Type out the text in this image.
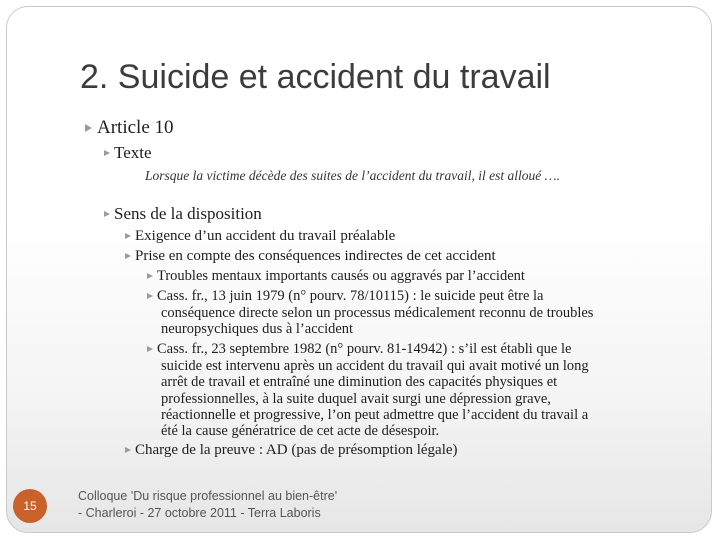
2. Suicide et accident du travail
Article 10
Texte
Lorsque la victime décède des suites de l’accident du travail, il est alloué ….
Sens de la disposition
Exigence d’un accident du travail préalable
Prise en compte des conséquences indirectes de cet accident
Troubles mentaux importants causés ou aggravés par l’accident
Cass. fr., 13 juin 1979 (n° pourv. 78/10115) : le suicide peut être la
conséquence directe selon un processus médicalement reconnu de troubles
neuropsychiques dus à l’accident
Cass. fr., 23 septembre 1982 (n° pourv. 81-14942) : s’il est établi que le
suicide est intervenu après un accident du travail qui avait motivé un long
arrêt de travail et entraîné une diminution des capacités physiques et
professionnelles, à la suite duquel avait surgi une dépression grave,
réactionnelle et progressive, l’on peut admettre que l’accident du travail a
été la cause génératrice de cet acte de désespoir.
Charge de la preuve : AD (pas de présomption légale)
15
Colloque 'Du risque professionnel au bien-être'
- Charleroi - 27 octobre 2011 - Terra Laboris
